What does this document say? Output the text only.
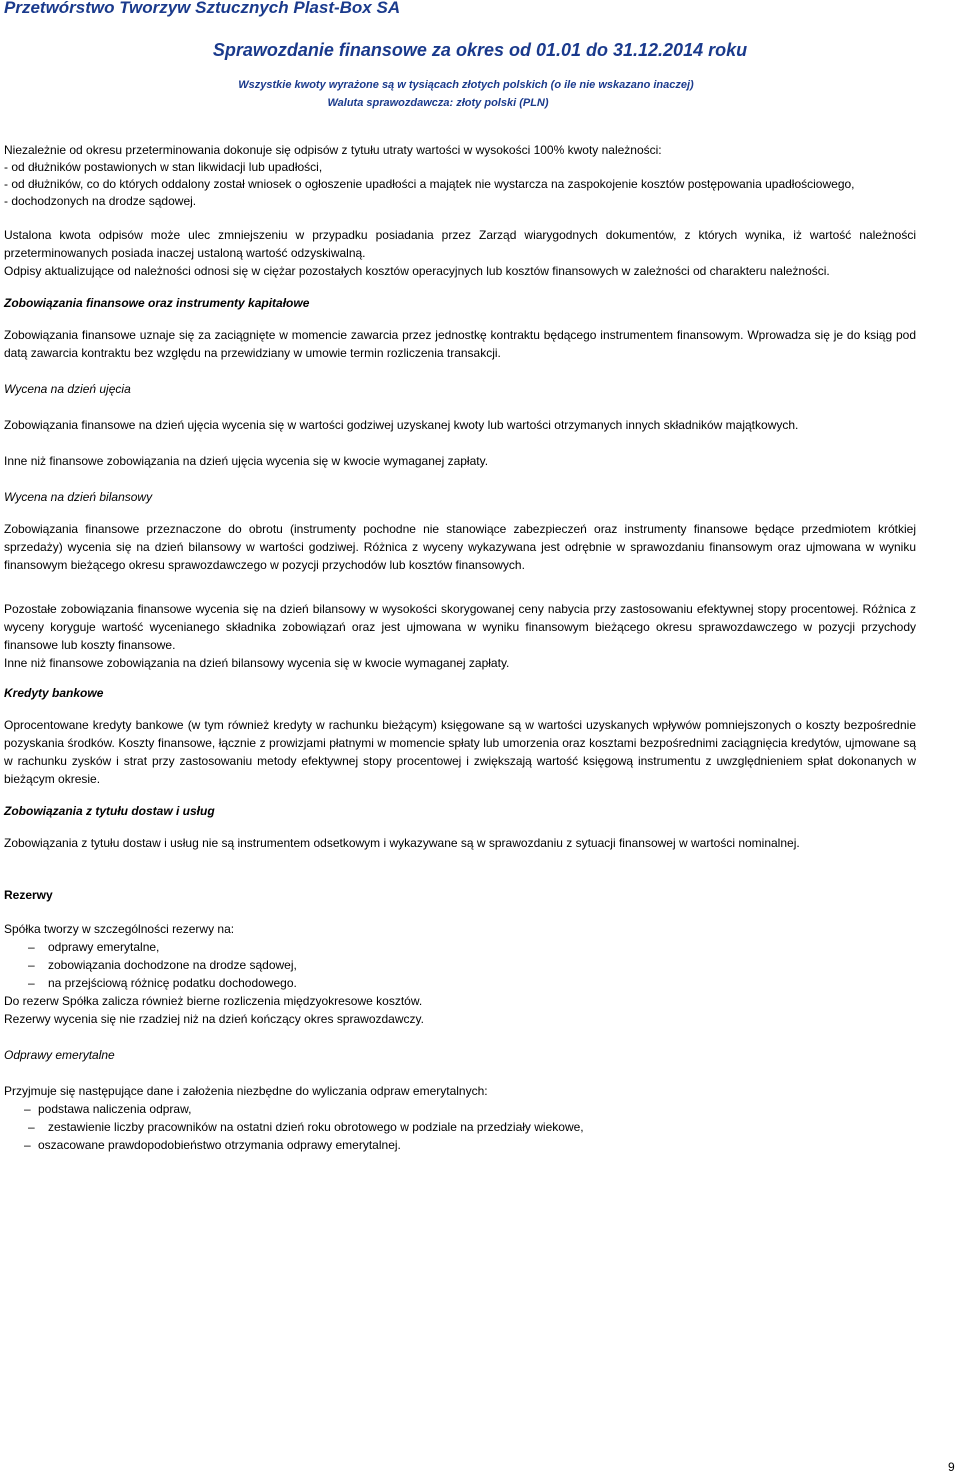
Przetwórstwo Tworzyw Sztucznych Plast-Box SA
Sprawozdanie finansowe za okres od 01.01 do 31.12.2014 roku
Wszystkie kwoty wyrażone są w tysiącach złotych polskich (o ile nie wskazano inaczej)
Waluta sprawozdawcza: złoty polski (PLN)

Niezależnie od okresu przeterminowania dokonuje się odpisów z tytułu utraty wartości w wysokości 100% kwoty należności:

- od dłużników postawionych w stan likwidacji lub upadłości,

- od dłużników, co do których oddalony został wniosek o ogłoszenie upadłości a majątek nie wystarcza na zaspokojenie kosztów postępowania upadłościowego,

- dochodzonych na drodze sądowej.

Ustalona kwota odpisów może ulec zmniejszeniu w przypadku posiadania przez Zarząd wiarygodnych dokumentów, z których wynika, iż wartość należności przeterminowanych posiada inaczej ustaloną wartość odzyskiwalną.

Odpisy aktualizujące od należności odnosi się w ciężar pozostałych kosztów operacyjnych lub kosztów finansowych w zależności od charakteru należności.

Zobowiązania finansowe oraz instrumenty kapitałowe

Zobowiązania finansowe uznaje się za zaciągnięte w momencie zawarcia przez jednostkę kontraktu będącego instrumentem finansowym. Wprowadza się je do ksiąg pod datą zawarcia kontraktu bez względu na przewidziany w umowie termin rozliczenia transakcji.

Wycena na dzień ujęcia

Zobowiązania finansowe na dzień ujęcia wycenia się w wartości godziwej uzyskanej kwoty lub wartości otrzymanych innych składników majątkowych.

Inne niż finansowe zobowiązania na dzień ujęcia wycenia się w kwocie wymaganej zapłaty.

Wycena na dzień bilansowy

Zobowiązania finansowe przeznaczone do obrotu (instrumenty pochodne nie stanowiące zabezpieczeń oraz instrumenty finansowe będące przedmiotem krótkiej sprzedaży) wycenia się na dzień bilansowy w wartości godziwej. Różnica z wyceny wykazywana jest odrębnie w sprawozdaniu finansowym oraz ujmowana w wyniku finansowym bieżącego okresu sprawozdawczego w pozycji przychodów lub kosztów finansowych.

Pozostałe zobowiązania finansowe wycenia się na dzień bilansowy w wysokości skorygowanej ceny nabycia przy zastosowaniu efektywnej stopy procentowej. Różnica z wyceny koryguje wartość wycenianego składnika zobowiązań oraz jest ujmowana w wyniku finansowym bieżącego okresu sprawozdawczego w pozycji przychody finansowe lub koszty finansowe.

Inne niż finansowe zobowiązania na dzień bilansowy wycenia się w kwocie wymaganej zapłaty.

Kredyty bankowe

Oprocentowane kredyty bankowe (w tym również kredyty w rachunku bieżącym) księgowane są w wartości uzyskanych wpływów pomniejszonych o koszty bezpośrednie pozyskania środków. Koszty finansowe, łącznie z prowizjami płatnymi w momencie spłaty lub umorzenia oraz kosztami bezpośrednimi zaciągnięcia kredytów, ujmowane są w rachunku zysków i strat przy zastosowaniu metody efektywnej stopy procentowej i zwiększają wartość księgową instrumentu z uwzględnieniem spłat dokonanych w bieżącym okresie.

Zobowiązania z tytułu dostaw i usług

Zobowiązania z tytułu dostaw i usług nie są instrumentem odsetkowym i wykazywane są w sprawozdaniu z sytuacji finansowej w wartości nominalnej.

Rezerwy

Spółka tworzy w szczególności rezerwy na:

– odprawy emerytalne,

– zobowiązania dochodzone na drodze sądowej,

– na przejściową różnicę podatku dochodowego.

Do rezerw Spółka zalicza również bierne rozliczenia międzyokresowe kosztów.

Rezerwy wycenia się nie rzadziej niż na dzień kończący okres sprawozdawczy.

Odprawy emerytalne

Przyjmuje się następujące dane i założenia niezbędne do wyliczania odpraw emerytalnych:

– podstawa naliczenia odpraw,

– zestawienie liczby pracowników na ostatni dzień roku obrotowego w podziale na przedziały wiekowe,

– oszacowane prawdopodobieństwo otrzymania odprawy emerytalnej.

9
